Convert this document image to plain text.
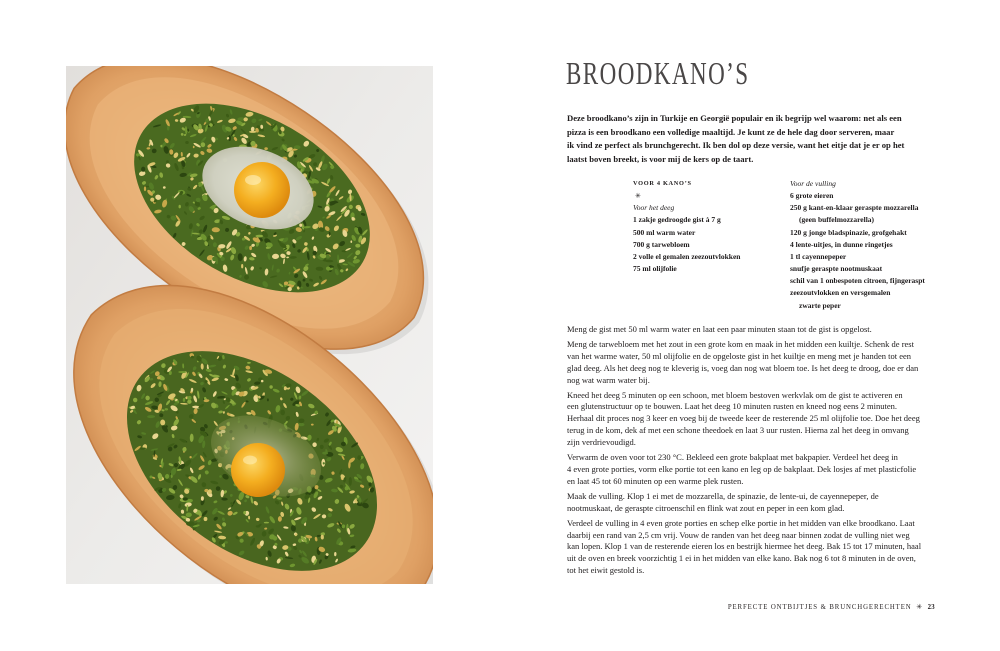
BROODKANO’S
Deze broodkano’s zijn in Turkije en Georgië populair en ik begrijp wel waarom: net als een
pizza is een broodkano een volledige maaltijd. Je kunt ze de hele dag door serveren, maar
ik vind ze perfect als brunchgerecht. Ik ben dol op deze versie, want het eitje dat je er op het
laatst boven breekt, is voor mij de kers op de taart.
VOOR 4 KANO’S
✳
Voor het deeg
1 zakje gedroogde gist à 7 g
500 ml warm water
700 g tarwebloem
2 volle el gemalen zeezoutvlokken
75 ml olijfolie
Voor de vulling
6 grote eieren
250 g kant-en-klaar geraspte mozzarella
(geen buffelmozzarella)
120 g jonge bladspinazie, grofgehakt
4 lente-uitjes, in dunne ringetjes
1 tl cayennepeper
snufje geraspte nootmuskaat
schil van 1 onbespoten citroen, fijngeraspt
zeezoutvlokken en versgemalen
zwarte peper
Meng de gist met 50 ml warm water en laat een paar minuten staan tot de gist is opgelost.
Meng de tarwebloem met het zout in een grote kom en maak in het midden een kuiltje. Schenk de rest
van het warme water, 50 ml olijfolie en de opgeloste gist in het kuiltje en meng met je handen tot een
glad deeg. Als het deeg nog te kleverig is, voeg dan nog wat bloem toe. Is het deeg te droog, doe er dan
nog wat warm water bij.
Kneed het deeg 5 minuten op een schoon, met bloem bestoven werkvlak om de gist te activeren en
een glutenstructuur op te bouwen. Laat het deeg 10 minuten rusten en kneed nog eens 2 minuten.
Herhaal dit proces nog 3 keer en voeg bij de tweede keer de resterende 25 ml olijfolie toe. Doe het deeg
terug in de kom, dek af met een schone theedoek en laat 3 uur rusten. Hierna zal het deeg in omvang
zijn verdrievoudigd.
Verwarm de oven voor tot 230 °C. Bekleed een grote bakplaat met bakpapier. Verdeel het deeg in
4 even grote porties, vorm elke portie tot een kano en leg op de bakplaat. Dek losjes af met plasticfolie
en laat 45 tot 60 minuten op een warme plek rusten.
Maak de vulling. Klop 1 ei met de mozzarella, de spinazie, de lente-ui, de cayennepeper, de
nootmuskaat, de geraspte citroenschil en flink wat zout en peper in een kom glad.
Verdeel de vulling in 4 even grote porties en schep elke portie in het midden van elke broodkano. Laat
daarbij een rand van 2,5 cm vrij. Vouw de randen van het deeg naar binnen zodat de vulling niet weg
kan lopen. Klop 1 van de resterende eieren los en bestrijk hiermee het deeg. Bak 15 tot 17 minuten, haal
uit de oven en breek voorzichtig 1 ei in het midden van elke kano. Bak nog 6 tot 8 minuten in de oven,
tot het eiwit gestold is.
PERFECTE ONTBIJTJES & BRUNCHGERECHTEN ✳ 23
